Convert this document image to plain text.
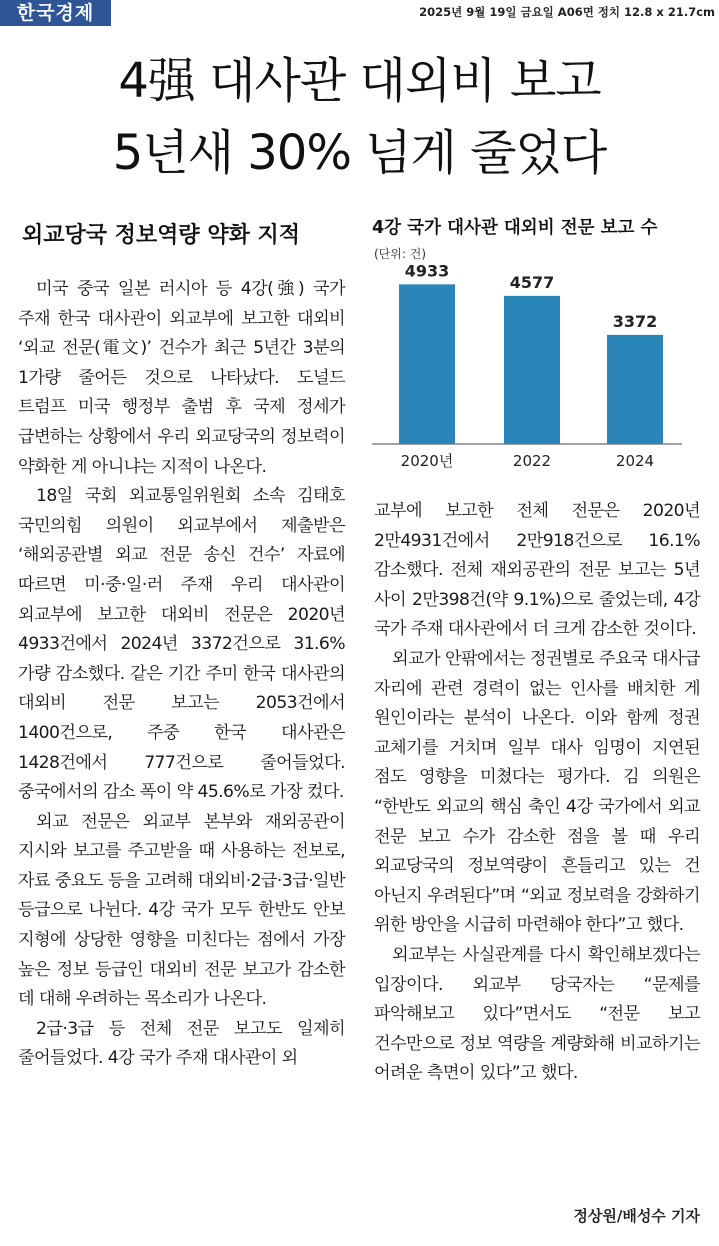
한국경제	2025년 9월 19일 금요일 A06면 정치 12.8 x 21.7cm
4强 대사관 대외비 보고
5년새 30% 넘게 줄었다
외교당국 정보역량 약화 지적

미국 중국 일본 러시아 등 4강(強) 국가 주재 한국 대사관이 외교부에 보고한 대외비 ‘외교 전문(電文)’ 건수가 최근 5년간 3분의 1가량 줄어든 것으로 나타났다. 도널드 트럼프 미국 행정부 출범 후 국제 정세가 급변하는 상황에서 우리 외교당국의 정보력이 약화한 게 아니냐는 지적이 나온다.

18일 국회 외교통일위원회 소속 김태호 국민의힘 의원이 외교부에서 제출받은 ‘해외공관별 외교 전문 송신 건수’ 자료에 따르면 미·중·일·러 주재 우리 대사관이 외교부에 보고한 대외비 전문은 2020년 4933건에서 2024년 3372건으로 31.6%가량 감소했다. 같은 기간 주미 한국 대사관의 대외비 전문 보고는 2053건에서 1400건으로, 주중 한국 대사관은 1428건에서 777건으로 줄어들었다. 중국에서의 감소 폭이 약 45.6%로 가장 컸다.

외교 전문은 외교부 본부와 재외공관이 지시와 보고를 주고받을 때 사용하는 전보로, 자료 중요도 등을 고려해 대외비·2급·3급·일반 등급으로 나뉜다. 4강 국가 모두 한반도 안보 지형에 상당한 영향을 미친다는 점에서 가장 높은 정보 등급인 대외비 전문 보고가 감소한 데 대해 우려하는 목소리가 나온다.

2급·3급 등 전체 전문 보고도 일제히 줄어들었다. 4강 국가 주재 대사관이 외

4강 국가 대사관 대외비 전문 보고 수
(단위: 건)
4933
2020년
4577
2022
3372
2024

교부에 보고한 전체 전문은 2020년 2만4931건에서 2만918건으로 16.1% 감소했다. 전체 재외공관의 전문 보고는 5년 사이 2만398건(약 9.1%)으로 줄었는데, 4강 국가 주재 대사관에서 더 크게 감소한 것이다.

외교가 안팎에서는 정권별로 주요국 대사급 자리에 관련 경력이 없는 인사를 배치한 게 원인이라는 분석이 나온다. 이와 함께 정권 교체기를 거치며 일부 대사 임명이 지연된 점도 영향을 미쳤다는 평가다. 김 의원은 “한반도 외교의 핵심 축인 4강 국가에서 외교 전문 보고 수가 감소한 점을 볼 때 우리 외교당국의 정보역량이 흔들리고 있는 건 아닌지 우려된다”며 “외교 정보력을 강화하기 위한 방안을 시급히 마련해야 한다”고 했다.

외교부는 사실관계를 다시 확인해보겠다는 입장이다. 외교부 당국자는 “문제를 파악해보고 있다”면서도 “전문 보고 건수만으로 정보 역량을 계량화해 비교하기는 어려운 측면이 있다”고 했다.

정상원/배성수 기자
